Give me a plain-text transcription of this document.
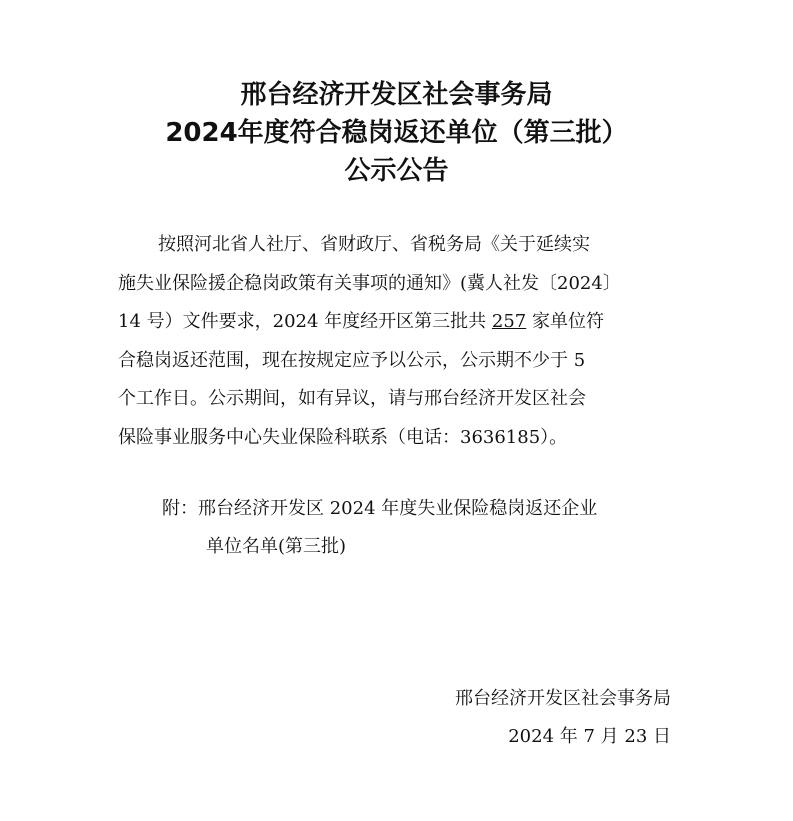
邢台经济开发区社会事务局
2024年度符合稳岗返还单位（第三批）
公示公告
按照河北省人社厅、省财政厅、省税务局《关于延续实
施失业保险援企稳岗政策有关事项的通知》(冀人社发〔2024〕
14 号）文件要求，2024 年度经开区第三批共 257 家单位符
合稳岗返还范围，现在按规定应予以公示，公示期不少于 5
个工作日。公示期间，如有异议，请与邢台经济开发区社会
保险事业服务中心失业保险科联系（电话：3636185）。
附：邢台经济开发区 2024 年度失业保险稳岗返还企业
单位名单(第三批)
邢台经济开发区社会事务局
2024 年 7 月 23 日
